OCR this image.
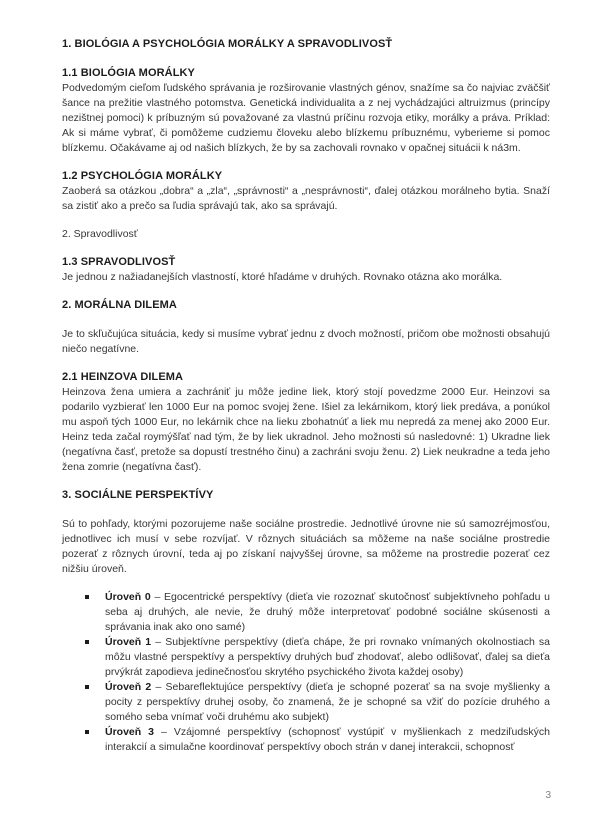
1. BIOLÓGIA A PSYCHOLÓGIA MORÁLKY A SPRAVODLIVOSŤ
1.1 BIOLÓGIA MORÁLKY

Podvedomým cieľom ľudského správania je rozširovanie vlastných génov, snažíme sa čo najviac zväčšiť šance na prežitie vlastného potomstva. Genetická individualita a z nej vychádzajúci altruizmus (princípy nezištnej pomoci) k príbuzným sú považované za vlastnú príčinu rozvoja etiky, morálky a práva. Príklad: Ak si máme vybrať, či pomôžeme cudziemu človeku alebo blízkemu príbuznému, vyberieme si pomoc blízkemu. Očakávame aj od našich blízkych, že by sa zachovali rovnako v opačnej situácii k ná3m.

1.2 PSYCHOLÓGIA MORÁLKY

Zaoberá sa otázkou „dobra“ a „zla“, „správnosti“ a „nesprávnosti“, ďalej otázkou morálneho bytia. Snaží sa zistiť ako a prečo sa ľudia správajú tak, ako sa správajú.

2. Spravodlivosť

1.3 SPRAVODLIVOSŤ

Je jednou z nažiadanejších vlastností, ktoré hľadáme v druhých. Rovnako otázna ako morálka.

2. MORÁLNA DILEMA

Je to skľučujúca situácia, kedy si musíme vybrať jednu z dvoch možností, pričom obe možnosti obsahujú niečo negatívne.

2.1 HEINZOVA DILEMA

Heinzova žena umiera a zachrániť ju môže jedine liek, ktorý stojí povedzme 2000 Eur. Heinzovi sa podarilo vyzbierať len 1000 Eur na pomoc svojej žene. Išiel za lekárnikom, ktorý liek predáva, a ponúkol mu aspoň tých 1000 Eur, no lekárnik chce na lieku zbohatnúť a liek mu nepredá za menej ako 2000 Eur. Heinz teda začal roymýšľať nad tým, že by liek ukradnol. Jeho možnosti sú nasledovné: 1) Ukradne liek (negatívna časť, pretože sa dopustí trestného činu) a zachráni svoju ženu. 2) Liek neukradne a teda jeho žena zomrie (negatívna časť).

3. SOCIÁLNE PERSPEKTÍVY

Sú to pohľady, ktorými pozorujeme naše sociálne prostredie. Jednotlivé úrovne nie sú samozréjmosťou, jednotlivec ich musí v sebe rozvíjať. V rôznych situáciách sa môžeme na naše sociálne prostredie pozerať z rôznych úrovní, teda aj po získaní najvyššej úrovne, sa môžeme na prostredie pozerať cez nižšiu úroveň.

Úroveň 0 – Egocentrické perspektívy (dieťa vie rozoznať skutočnosť subjektívneho pohľadu u seba aj druhých, ale nevie, že druhý môže interpretovať podobné sociálne skúsenosti a správania inak ako ono samé)
Úroveň 1 – Subjektívne perspektívy (dieťa chápe, že pri rovnako vnímaných okolnostiach sa môžu vlastné perspektívy a perspektívy druhých buď zhodovať, alebo odlišovať, ďalej sa dieťa prvýkrát zapodieva jedinečnosťou skrytého psychického života každej osoby)
Úroveň 2 – Sebareflektujúce perspektívy (dieťa je schopné pozerať sa na svoje myšlienky a pocity z perspektívy druhej osoby, čo znamená, že je schopné sa vžiť do pozície druhého a somého seba vnímať voči druhému ako subjekt)
Úroveň 3 – Vzájomné perspektívy (schopnosť vystúpiť v myšlienkach z medziľudských interakcií a simulačne koordinovať perspektívy oboch strán v danej interakcii, schopnosť
3
